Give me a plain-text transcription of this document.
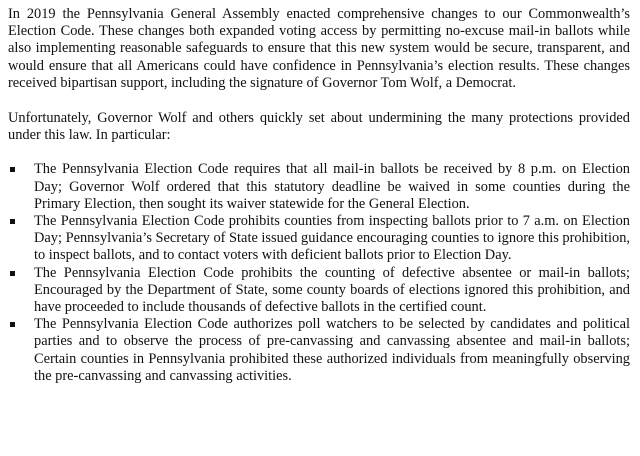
In 2019 the Pennsylvania General Assembly enacted comprehensive changes to our Commonwealth’s Election Code. These changes both expanded voting access by permitting no-excuse mail-in ballots while also implementing reasonable safeguards to ensure that this new system would be secure, transparent, and would ensure that all Americans could have confidence in Pennsylvania’s election results. These changes received bipartisan support, including the signature of Governor Tom Wolf, a Democrat.

Unfortunately, Governor Wolf and others quickly set about undermining the many protections provided under this law. In particular:

The Pennsylvania Election Code requires that all mail-in ballots be received by 8 p.m. on Election Day; Governor Wolf ordered that this statutory deadline be waived in some counties during the Primary Election, then sought its waiver statewide for the General Election.
The Pennsylvania Election Code prohibits counties from inspecting ballots prior to 7 a.m. on Election Day; Pennsylvania’s Secretary of State issued guidance encouraging counties to ignore this prohibition, to inspect ballots, and to contact voters with deficient ballots prior to Election Day.
The Pennsylvania Election Code prohibits the counting of defective absentee or mail-in ballots; Encouraged by the Department of State, some county boards of elections ignored this prohibition, and have proceeded to include thousands of defective ballots in the certified count.
The Pennsylvania Election Code authorizes poll watchers to be selected by candidates and political parties and to observe the process of pre-canvassing and canvassing absentee and mail-in ballots; Certain counties in Pennsylvania prohibited these authorized individuals from meaningfully observing the pre-canvassing and canvassing activities.
